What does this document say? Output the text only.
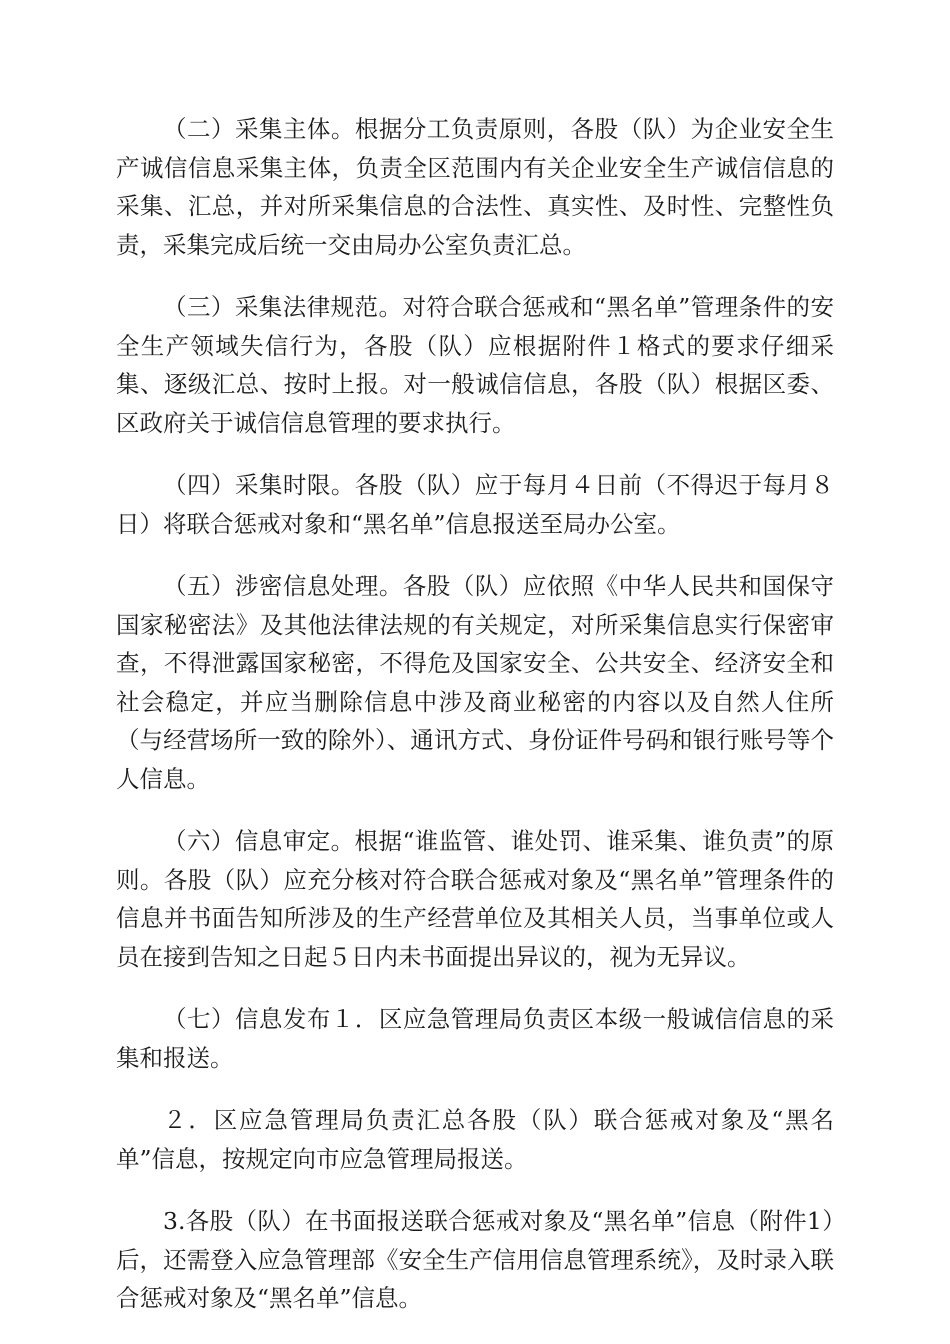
（二）采集主体。根据分工负责原则，各股（队）为企业安全生产诚信信息采集主体，负责全区范围内有关企业安全生产诚信信息的采集、汇总，并对所采集信息的合法性、真实性、及时性、完整性负责，采集完成后统一交由局办公室负责汇总。

（三）采集法律规范。对符合联合惩戒和“黑名单”管理条件的安全生产领域失信行为，各股（队）应根据附件１格式的要求仔细采集、逐级汇总、按时上报。对一般诚信信息，各股（队）根据区委、区政府关于诚信信息管理的要求执行。

（四）采集时限。各股（队）应于每月４日前（不得迟于每月８日）将联合惩戒对象和“黑名单”信息报送至局办公室。

（五）涉密信息处理。各股（队）应依照《中华人民共和国保守国家秘密法》及其他法律法规的有关规定，对所采集信息实行保密审查，不得泄露国家秘密，不得危及国家安全、公共安全、经济安全和社会稳定，并应当删除信息中涉及商业秘密的内容以及自然人住所（与经营场所一致的除外）、通讯方式、身份证件号码和银行账号等个人信息。

（六）信息审定。根据“谁监管、谁处罚、谁采集、谁负责”的原则。各股（队）应充分核对符合联合惩戒对象及“黑名单”管理条件的信息并书面告知所涉及的生产经营单位及其相关人员，当事单位或人员在接到告知之日起５日内未书面提出异议的，视为无异议。

（七）信息发布１．区应急管理局负责区本级一般诚信信息的采集和报送。

２．区应急管理局负责汇总各股（队）联合惩戒对象及“黑名单”信息，按规定向市应急管理局报送。

3.各股（队）在书面报送联合惩戒对象及“黑名单”信息（附件1）后，还需登入应急管理部《安全生产信用信息管理系统》，及时录入联合惩戒对象及“黑名单”信息。
